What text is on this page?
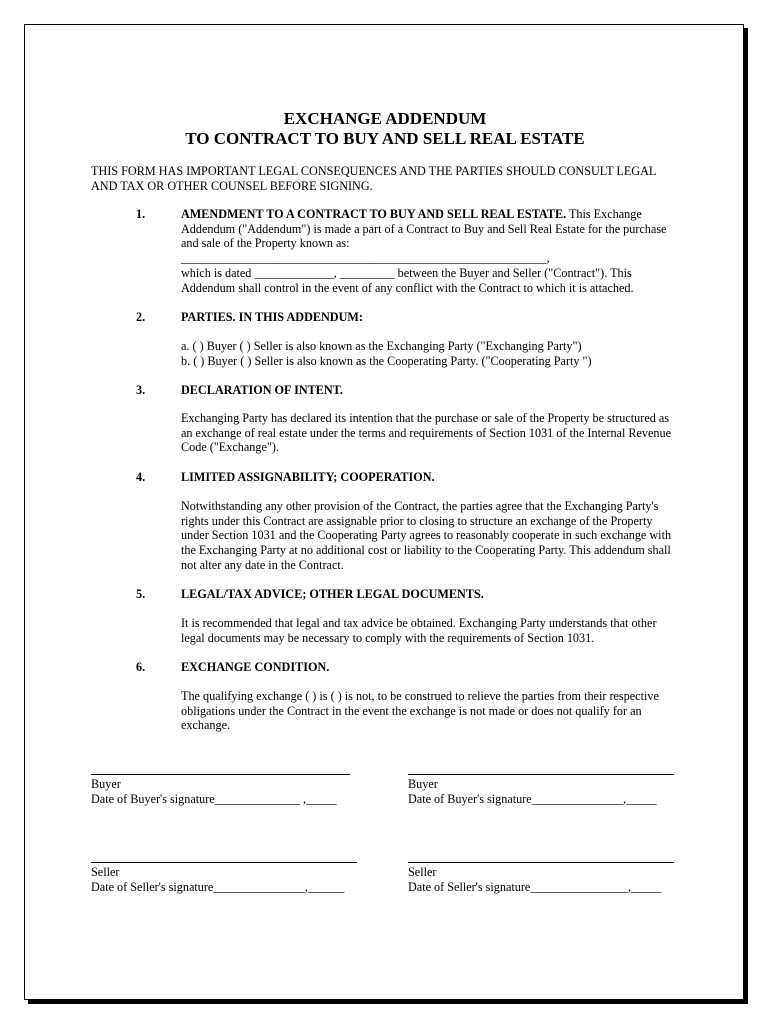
EXCHANGE ADDENDUM
TO CONTRACT TO BUY AND SELL REAL ESTATE
THIS FORM HAS IMPORTANT LEGAL CONSEQUENCES AND THE PARTIES SHOULD CONSULT LEGAL AND TAX OR OTHER COUNSEL BEFORE SIGNING.
1.	AMENDMENT TO A CONTRACT TO BUY AND SELL REAL ESTATE. This Exchange Addendum ("Addendum") is made a part of a Contract to Buy and Sell Real Estate for the purchase and sale of the Property known as:
____________________________________________________________,
which is dated _____________, _________ between the Buyer and Seller ("Contract"). This Addendum shall control in the event of any conflict with the Contract to which it is attached.
2.	PARTIES. IN THIS ADDENDUM:
a. ( ) Buyer ( ) Seller is also known as the Exchanging Party ("Exchanging Party")
b. ( ) Buyer ( ) Seller is also known as the Cooperating Party. ("Cooperating Party ")
3.	DECLARATION OF INTENT.
Exchanging Party has declared its intention that the purchase or sale of the Property be structured as an exchange of real estate under the terms and requirements of Section 1031 of the Internal Revenue Code ("Exchange").
4.	LIMITED ASSIGNABILITY; COOPERATION.
Notwithstanding any other provision of the Contract, the parties agree that the Exchanging Party's rights under this Contract are assignable prior to closing to structure an exchange of the Property under Section 1031 and the Cooperating Party agrees to reasonably cooperate in such exchange with the Exchanging Party at no additional cost or liability to the Cooperating Party. This addendum shall not alter any date in the Contract.
5.	LEGAL/TAX ADVICE; OTHER LEGAL DOCUMENTS.
It is recommended that legal and tax advice be obtained. Exchanging Party understands that other legal documents may be necessary to comply with the requirements of Section 1031.
6.	EXCHANGE CONDITION.
The qualifying exchange ( ) is ( ) is not, to be construed to relieve the parties from their respective obligations under the Contract in the event the exchange is not made or does not qualify for an exchange.
Buyer
Date of Buyer's signature______________ ,_____
Buyer
Date of Buyer's signature_______________,_____
Seller
Date of Seller's signature_______________,______
Seller
Date of Seller's signature________________,_____
